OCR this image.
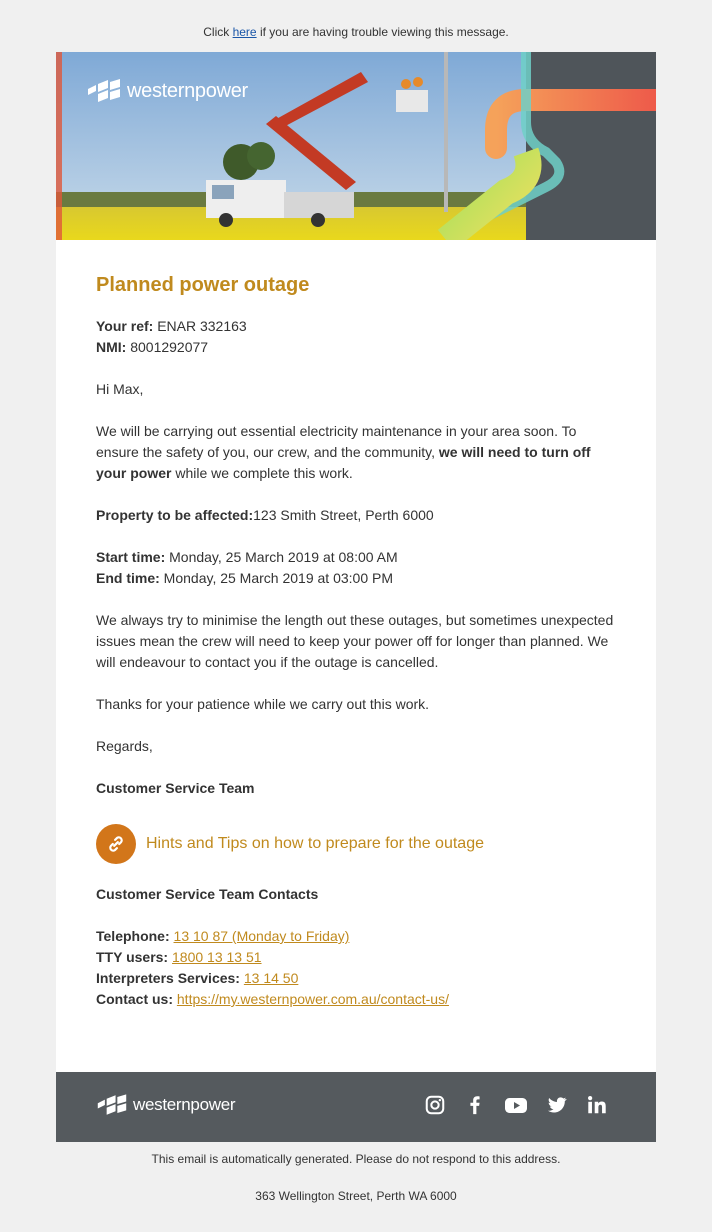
Click here if you are having trouble viewing this message.
westernpower
Planned power outage

Your ref: ENAR 332163

NMI: 8001292077

Hi Max,

We will be carrying out essential electricity maintenance in your area soon. To ensure the safety of you, our crew, and the community, we will need to turn off your power while we complete this work.

Property to be affected:123 Smith Street, Perth 6000

Start time: Monday, 25 March 2019 at 08:00 AM

End time: Monday, 25 March 2019 at 03:00 PM

We always try to minimise the length out these outages, but sometimes unexpected issues mean the crew will need to keep your power off for longer than planned. We will endeavour to contact you if the outage is cancelled.

Thanks for your patience while we carry out this work.

Regards,

Customer Service Team

Hints and Tips on how to prepare for the outage

Customer Service Team Contacts

Telephone: 13 10 87 (Monday to Friday)

TTY users: 1800 13 13 51

Interpreters Services: 13 14 50

Contact us: https://my.westernpower.com.au/contact-us/

westernpower
This email is automatically generated. Please do not respond to this address.
363 Wellington Street, Perth WA 6000
